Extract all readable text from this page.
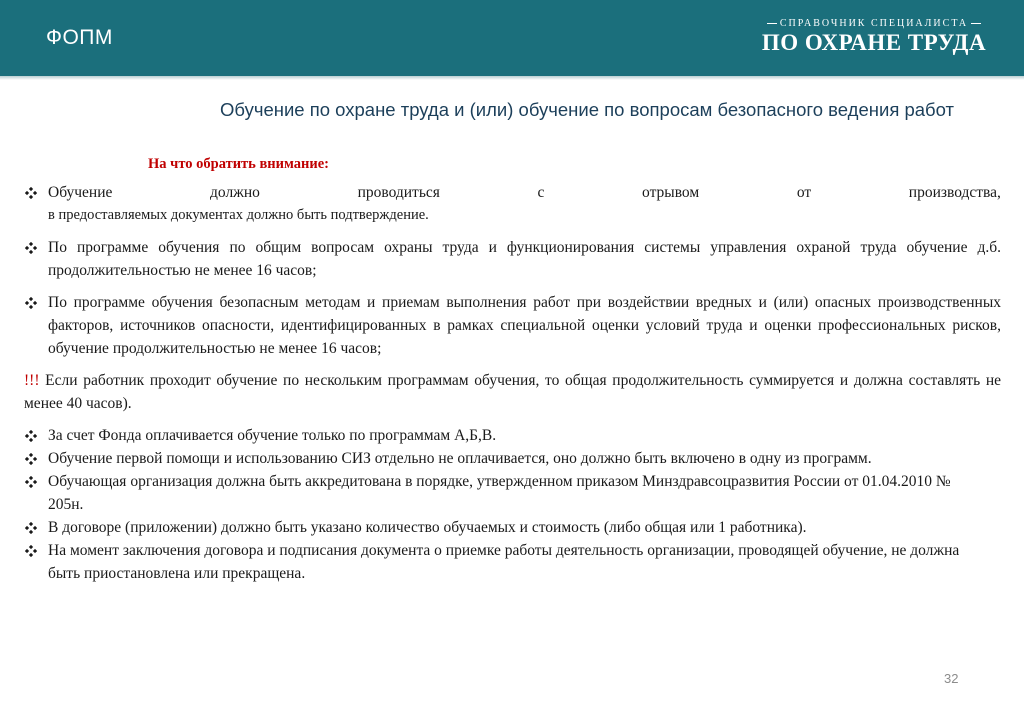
ФОПМ
СПРАВОЧНИК СПЕЦИАЛИСТА
ПО ОХРАНЕ ТРУДА
Обучение по охране труда и (или) обучение по вопросам безопасного ведения работ
На что обратить внимание:
Обучение	должно	проводиться	с	отрывом	от	производства,
в предоставляемых документах должно быть подтверждение.
По программе обучения по общим вопросам охраны труда и функционирования системы управления охраной труда обучение д.б. продолжительностью не менее 16 часов;
По программе обучения безопасным методам и приемам выполнения работ при воздействии вредных и (или) опасных производственных факторов, источников опасности, идентифицированных в рамках специальной оценки условий труда и оценки профессиональных рисков, обучение продолжительностью не менее 16 часов;
!!! Если работник проходит обучение по нескольким программам обучения, то общая продолжительность суммируется и должна составлять не менее 40 часов).
За счет Фонда оплачивается обучение только по программам А,Б,В.
Обучение первой помощи и использованию СИЗ отдельно не оплачивается, оно должно быть включено в одну из программ.
Обучающая организация должна быть аккредитована в порядке, утвержденном приказом Минздравсоцразвития России от 01.04.2010 № 205н.
В договоре (приложении) должно быть указано количество обучаемых и стоимость (либо общая или 1 работника).
На момент заключения договора и подписания документа о приемке работы деятельность организации, проводящей обучение, не должна быть приостановлена или прекращена.
32
